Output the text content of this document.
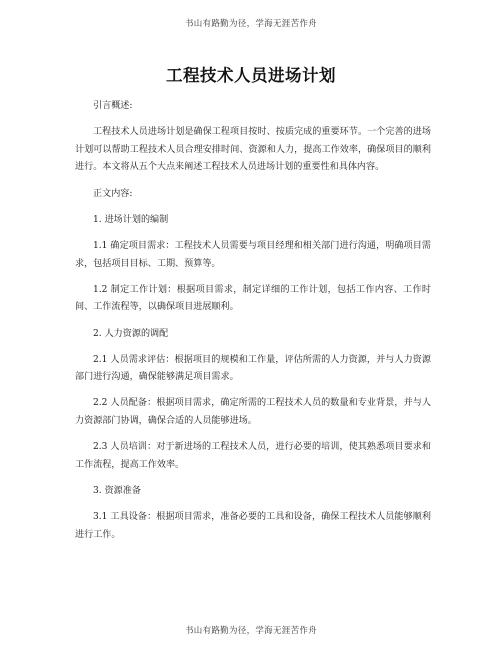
书山有路勤为径，学海无涯苦作舟
工程技术人员进场计划

引言概述:

工程技术人员进场计划是确保工程项目按时、按质完成的重要环节。一个完善的进场计划可以帮助工程技术人员合理安排时间、资源和人力，提高工作效率，确保项目的顺利进行。本文将从五个大点来阐述工程技术人员进场计划的重要性和具体内容。

正文内容:

1. 进场计划的编制

1.1 确定项目需求：工程技术人员需要与项目经理和相关部门进行沟通，明确项目需求，包括项目目标、工期、预算等。

1.2 制定工作计划：根据项目需求，制定详细的工作计划，包括工作内容、工作时间、工作流程等，以确保项目进展顺利。

2. 人力资源的调配

2.1 人员需求评估：根据项目的规模和工作量，评估所需的人力资源，并与人力资源部门进行沟通，确保能够满足项目需求。

2.2 人员配备：根据项目需求，确定所需的工程技术人员的数量和专业背景，并与人力资源部门协调，确保合适的人员能够进场。

2.3 人员培训：对于新进场的工程技术人员，进行必要的培训，使其熟悉项目要求和工作流程，提高工作效率。

3. 资源准备

3.1 工具设备：根据项目需求，准备必要的工具和设备，确保工程技术人员能够顺利进行工作。

书山有路勤为径，学海无涯苦作舟
